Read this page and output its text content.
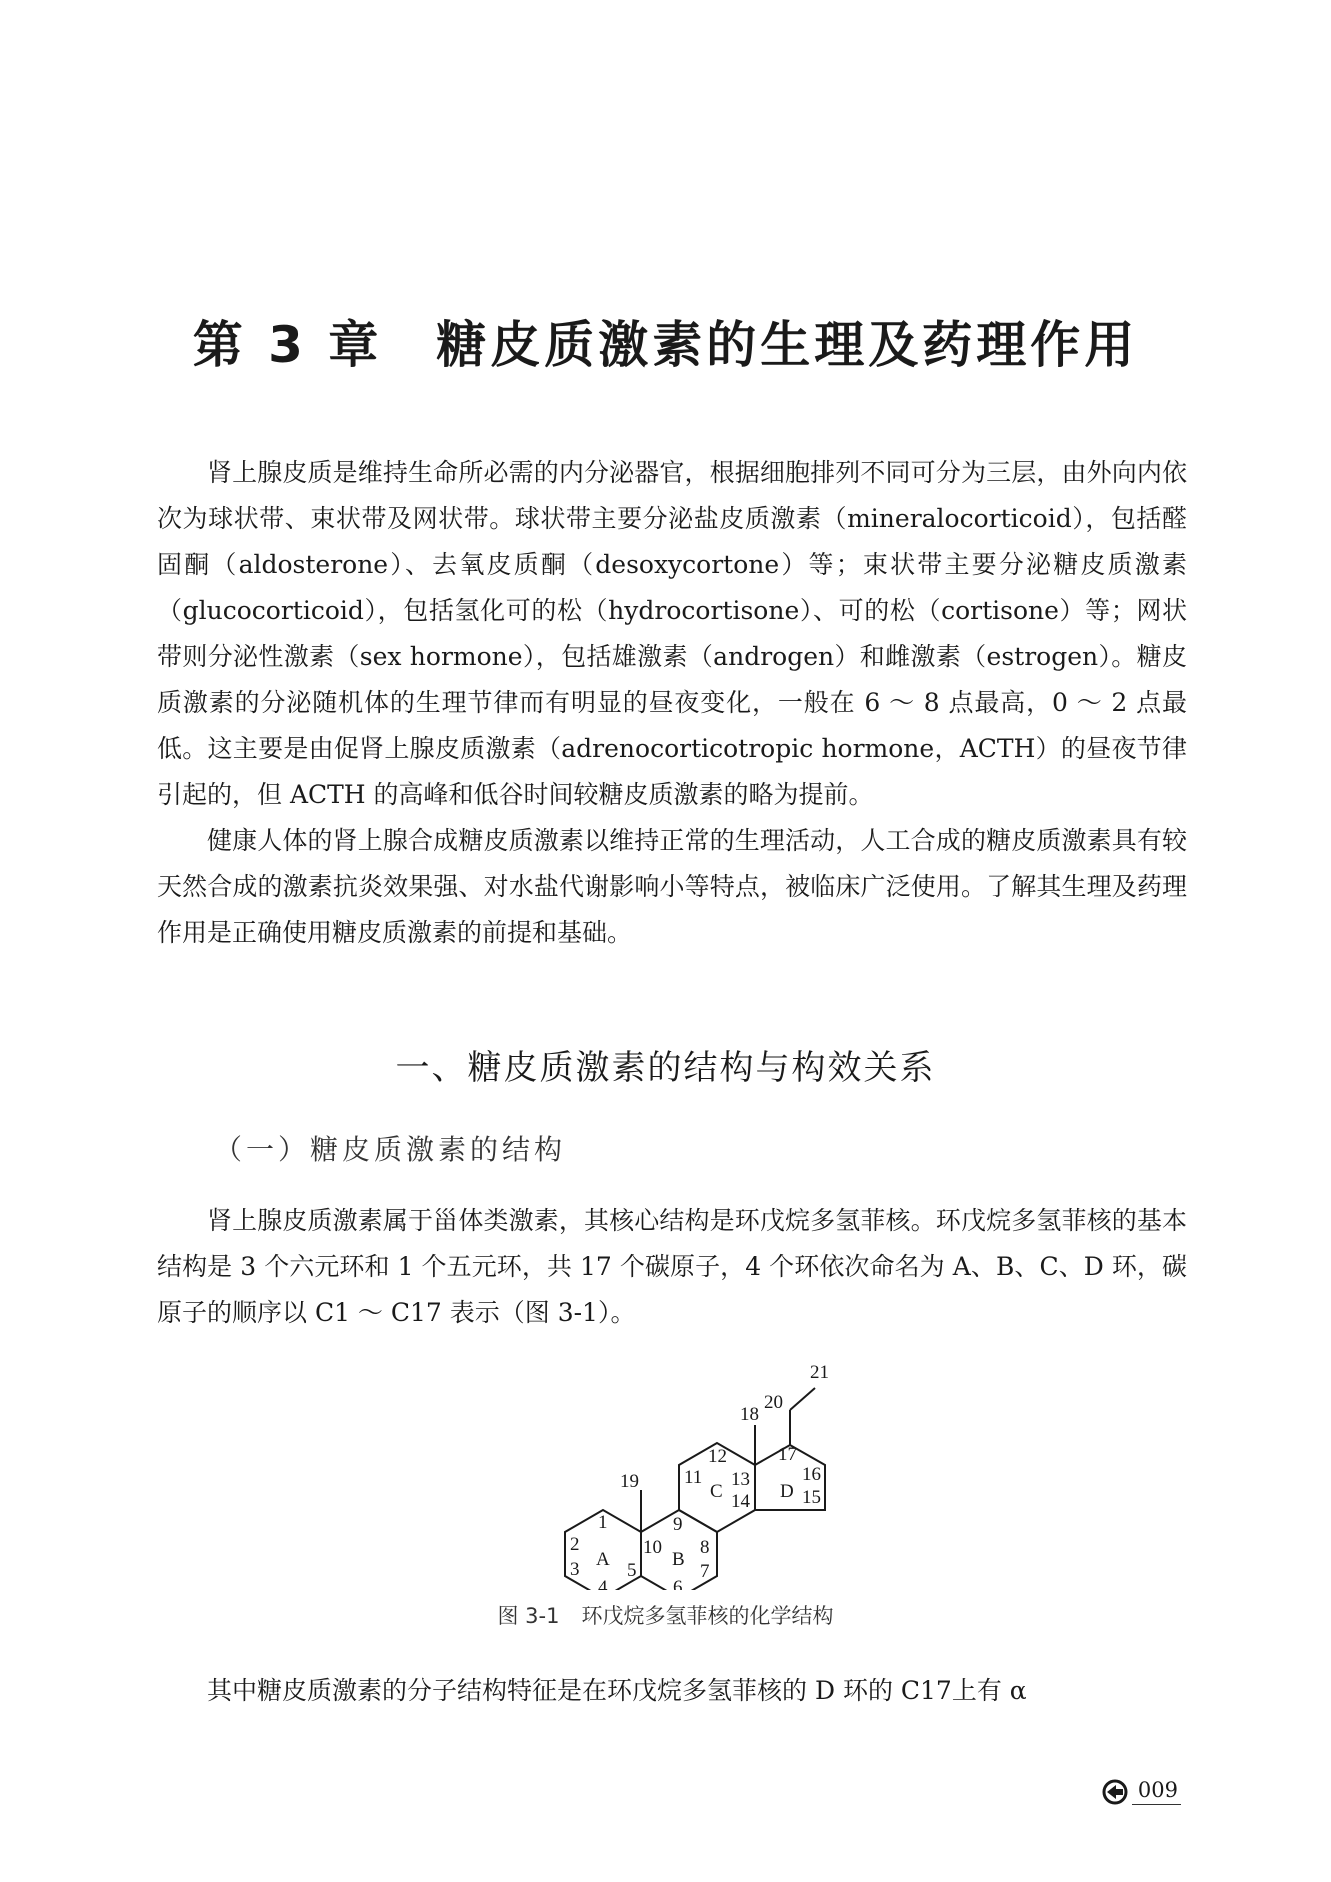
第 3 章　糖皮质激素的生理及药理作用

肾上腺皮质是维持生命所必需的内分泌器官，根据细胞排列不同可分为三层，由外向内依次为球状带、束状带及网状带。球状带主要分泌盐皮质激素（mineralocorticoid），包括醛固酮（aldosterone）、去氧皮质酮（desoxycortone）等；束状带主要分泌糖皮质激素（glucocorticoid），包括氢化可的松（hydrocortisone）、可的松（cortisone）等；网状带则分泌性激素（sex hormone），包括雄激素（androgen）和雌激素（estrogen）。糖皮质激素的分泌随机体的生理节律而有明显的昼夜变化，一般在 6 ～ 8 点最高，0 ～ 2 点最低。这主要是由促肾上腺皮质激素（adrenocorticotropic hormone，ACTH）的昼夜节律引起的，但 ACTH 的高峰和低谷时间较糖皮质激素的略为提前。

健康人体的肾上腺合成糖皮质激素以维持正常的生理活动，人工合成的糖皮质激素具有较天然合成的激素抗炎效果强、对水盐代谢影响小等特点，被临床广泛使用。了解其生理及药理作用是正确使用糖皮质激素的前提和基础。

一、糖皮质激素的结构与构效关系
（一）糖皮质激素的结构

肾上腺皮质激素属于甾体类激素，其核心结构是环戊烷多氢菲核。环戊烷多氢菲核的基本结构是 3 个六元环和 1 个五元环，共 17 个碳原子，4 个环依次命名为 A、B、C、D 环，碳原子的顺序以 C1 ～ C17 表示（图 3-1）。

A	B
C	D
1
2
3
4
5
6
7
8
9
10
11
12
13
14	15
16
17
18
19
20
21
图 3-1 环戊烷多氢菲核的化学结构

其中糖皮质激素的分子结构特征是在环戊烷多氢菲核的 D 环的 C17上有 α

009
